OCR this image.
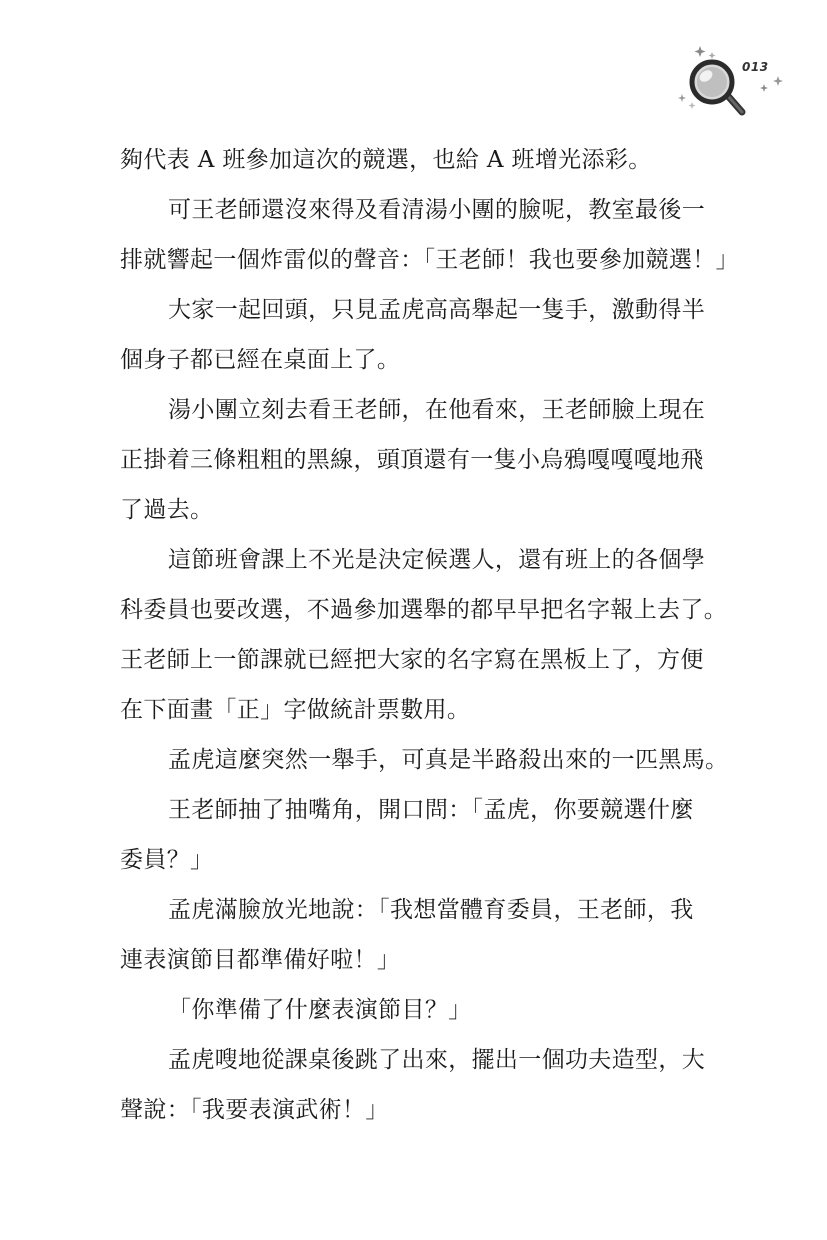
013
夠代表 A 班參加這次的競選，也給 A 班增光添彩。
可王老師還沒來得及看清湯小團的臉呢，教室最後一
排就響起一個炸雷似的聲音：「王老師！我也要參加競選！」
大家一起回頭，只見孟虎高高舉起一隻手，激動得半
個身子都已經在桌面上了。
湯小團立刻去看王老師，在他看來，王老師臉上現在
正掛着三條粗粗的黑線，頭頂還有一隻小烏鴉嘎嘎嘎地飛
了過去。
這節班會課上不光是決定候選人，還有班上的各個學
科委員也要改選，不過參加選舉的都早早把名字報上去了。
王老師上一節課就已經把大家的名字寫在黑板上了，方便
在下面畫「正」字做統計票數用。
孟虎這麼突然一舉手，可真是半路殺出來的一匹黑馬。
王老師抽了抽嘴角，開口問：「孟虎，你要競選什麼
委員？」
孟虎滿臉放光地說：「我想當體育委員，王老師，我
連表演節目都準備好啦！」
「你準備了什麼表演節目？」
孟虎嗖地從課桌後跳了出來，擺出一個功夫造型，大
聲說：「我要表演武術！」
